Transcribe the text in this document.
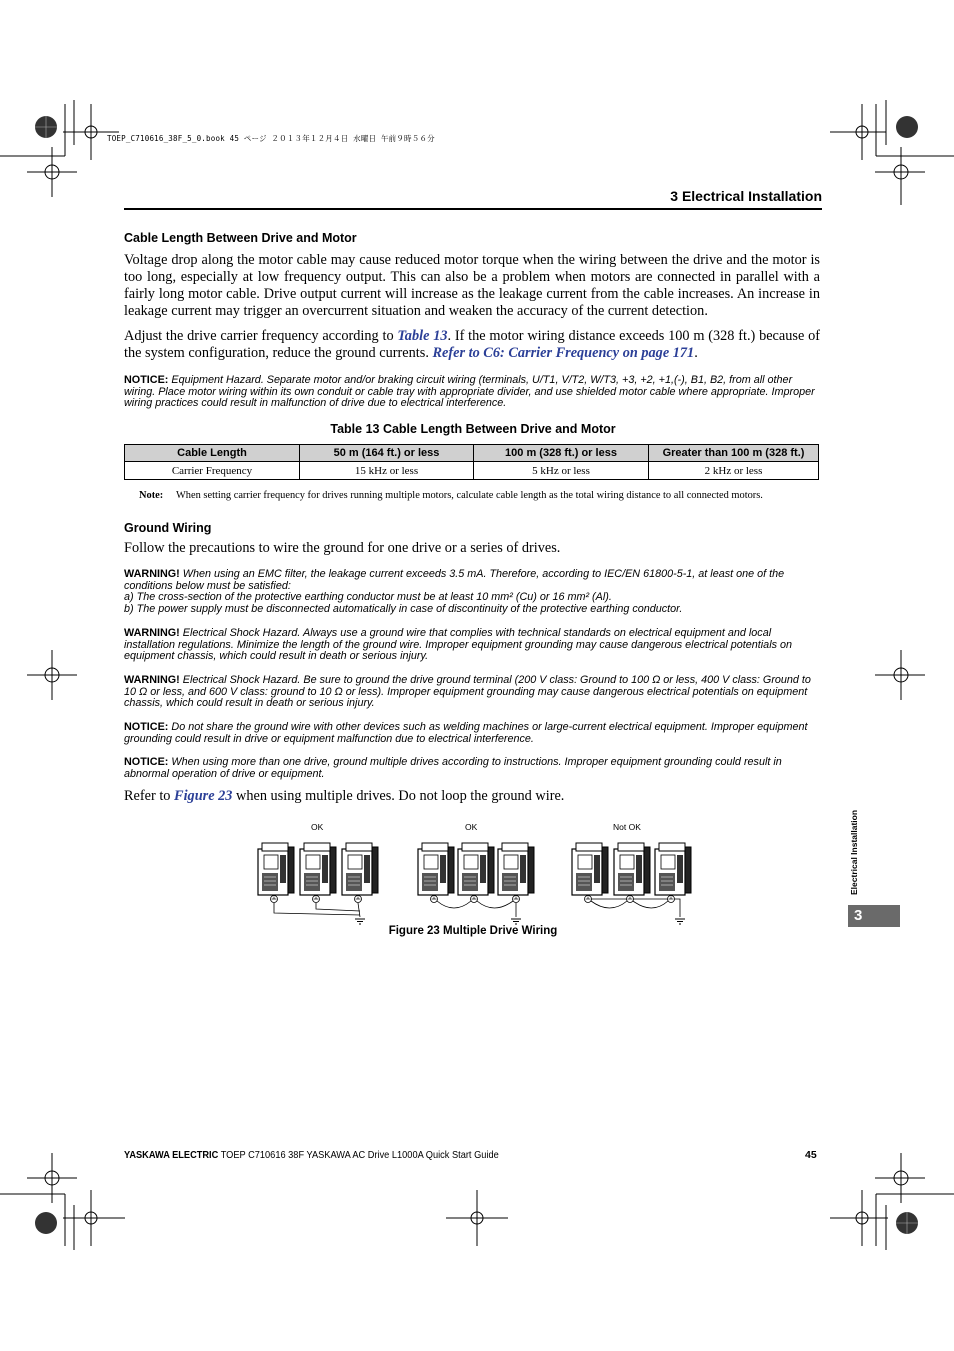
TOEP_C710616_38F_5_0.book 45 ページ ２０１３年１２月４日 水曜日 午前９時５６分
3 Electrical Installation
Cable Length Between Drive and Motor
Voltage drop along the motor cable may cause reduced motor torque when the wiring between the drive and the motor is too long, especially at low frequency output. This can also be a problem when motors are connected in parallel with a fairly long motor cable. Drive output current will increase as the leakage current from the cable increases. An increase in leakage current may trigger an overcurrent situation and weaken the accuracy of the current detection.
Adjust the drive carrier frequency according to Table 13. If the motor wiring distance exceeds 100 m (328 ft.) because of the system configuration, reduce the ground currents. Refer to C6: Carrier Frequency on page 171.
NOTICE: Equipment Hazard. Separate motor and/or braking circuit wiring (terminals, U/T1, V/T2, W/T3, +3, +2, +1,(-), B1, B2, from all other wiring. Place motor wiring within its own conduit or cable tray with appropriate divider, and use shielded motor cable where appropriate. Improper wiring practices could result in malfunction of drive due to electrical interference.
Table 13 Cable Length Between Drive and Motor
Cable Length	50 m (164 ft.) or less	100 m (328 ft.) or less	Greater than 100 m (328 ft.)
Carrier Frequency	15 kHz or less	5 kHz or less	2 kHz or less
Note: When setting carrier frequency for drives running multiple motors, calculate cable length as the total wiring distance to all connected motors.
Ground Wiring
Follow the precautions to wire the ground for one drive or a series of drives.
WARNING! When using an EMC filter, the leakage current exceeds 3.5 mA. Therefore, according to IEC/EN 61800-5-1, at least one of the conditions below must be satisfied:
a) The cross-section of the protective earthing conductor must be at least 10 mm² (Cu) or 16 mm² (Al).
b) The power supply must be disconnected automatically in case of discontinuity of the protective earthing conductor.
WARNING! Electrical Shock Hazard. Always use a ground wire that complies with technical standards on electrical equipment and local installation regulations. Minimize the length of the ground wire. Improper equipment grounding may cause dangerous electrical potentials on equipment chassis, which could result in death or serious injury.
WARNING! Electrical Shock Hazard. Be sure to ground the drive ground terminal (200 V class: Ground to 100 Ω or less, 400 V class: Ground to 10 Ω or less, and 600 V class: ground to 10 Ω or less). Improper equipment grounding may cause dangerous electrical potentials on equipment chassis, which could result in death or serious injury.
NOTICE: Do not share the ground wire with other devices such as welding machines or large-current electrical equipment. Improper equipment grounding could result in drive or equipment malfunction due to electrical interference.
NOTICE: When using more than one drive, ground multiple drives according to instructions. Improper equipment grounding could result in abnormal operation of drive or equipment.
Refer to Figure 23 when using multiple drives. Do not loop the ground wire.
OK	OK	Not OK
Figure 23 Multiple Drive Wiring
Electrical Installation
3
YASKAWA ELECTRIC TOEP C710616 38F YASKAWA AC Drive L1000A Quick Start Guide	45
